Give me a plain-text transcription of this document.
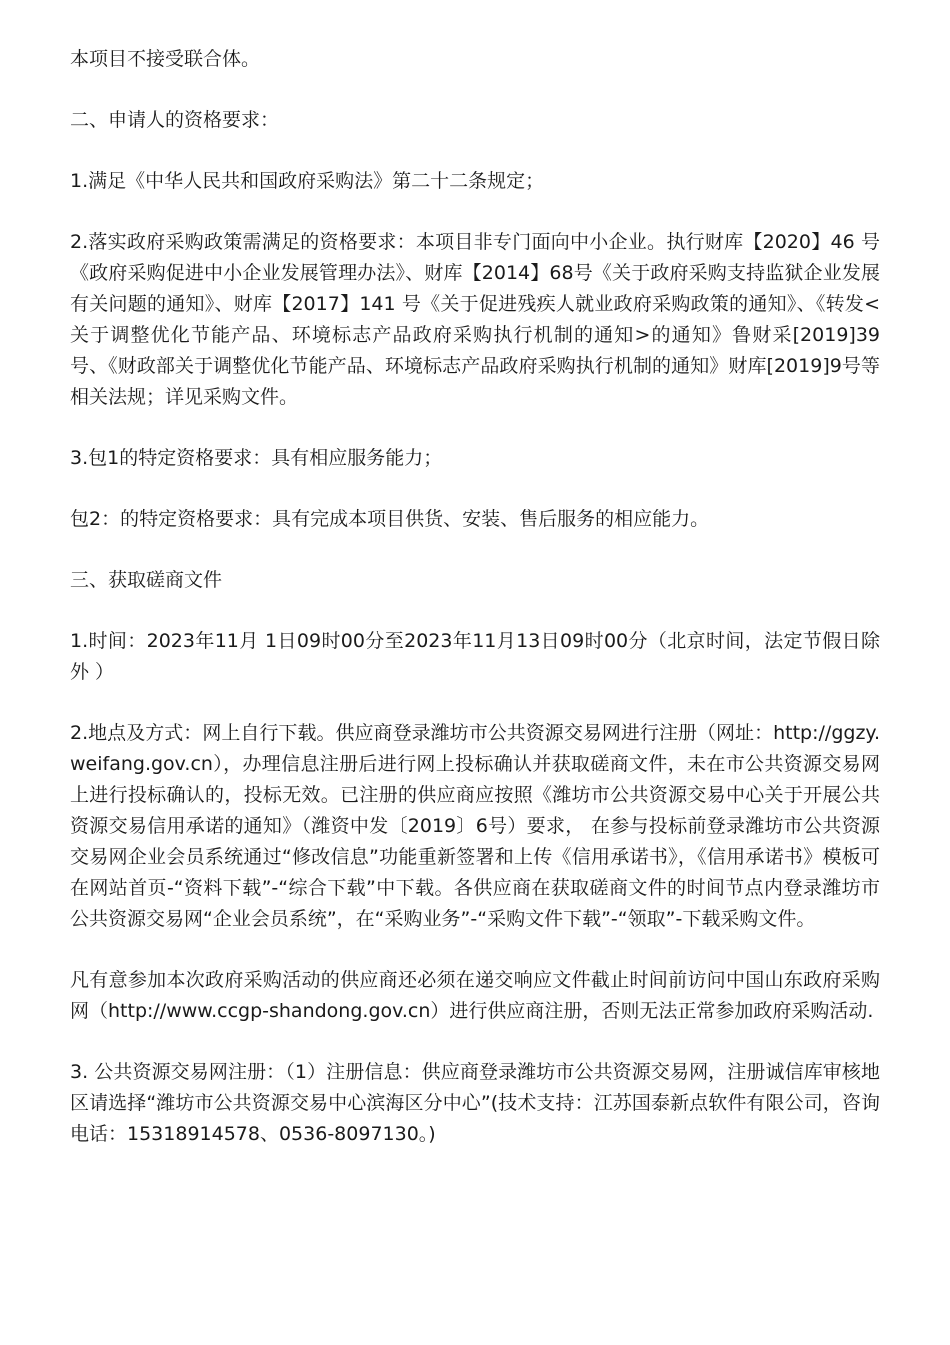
本项目不接受联合体。

二、申请人的资格要求：

1.满足《中华人民共和国政府采购法》第二十二条规定；

2.落实政府采购政策需满足的资格要求：本项目非专门面向中小企业。执行财库【2020】46 号《政府采购促进中小企业发展管理办法》、财库【2014】68号《关于政府采购支持监狱企业发展有关问题的通知》、财库【2017】141 号《关于促进残疾人就业政府采购政策的通知》、《转发<关于调整优化节能产品、环境标志产品政府采购执行机制的通知>的通知》鲁财采[2019]39 号、《财政部关于调整优化节能产品、环境标志产品政府采购执行机制的通知》财库[2019]9号等相关法规；详见采购文件。

3.包1的特定资格要求：具有相应服务能力；

包2：的特定资格要求：具有完成本项目供货、安装、售后服务的相应能力。

三、获取磋商文件

1.时间：2023年11月 1日09时00分至2023年11月13日09时00分（北京时间，法定节假日除外 ）

2.地点及方式：网上自行下载。供应商登录潍坊市公共资源交易网进行注册（网址：http://ggzy.weifang.gov.cn），办理信息注册后进行网上投标确认并获取磋商文件，未在市公共资源交易网上进行投标确认的，投标无效。已注册的供应商应按照《潍坊市公共资源交易中心关于开展公共资源交易信用承诺的通知》（潍资中发〔2019〕6号）要求， 在参与投标前登录潍坊市公共资源交易网企业会员系统通过“修改信息”功能重新签署和上传《信用承诺书》，《信用承诺书》模板可在网站首页-“资料下载”-“综合下载”中下载。各供应商在获取磋商文件的时间节点内登录潍坊市公共资源交易网“企业会员系统”，在“采购业务”-“采购文件下载”-“领取”-下载采购文件。

凡有意参加本次政府采购活动的供应商还必须在递交响应文件截止时间前访问中国山东政府采购网（http://www.ccgp-shandong.gov.cn）进行供应商注册，否则无法正常参加政府采购活动.

3. 公共资源交易网注册：（1）注册信息：供应商登录潍坊市公共资源交易网，注册诚信库审核地区请选择“潍坊市公共资源交易中心滨海区分中心”(技术支持：江苏国泰新点软件有限公司，咨询电话：15318914578、0536-8097130。)
